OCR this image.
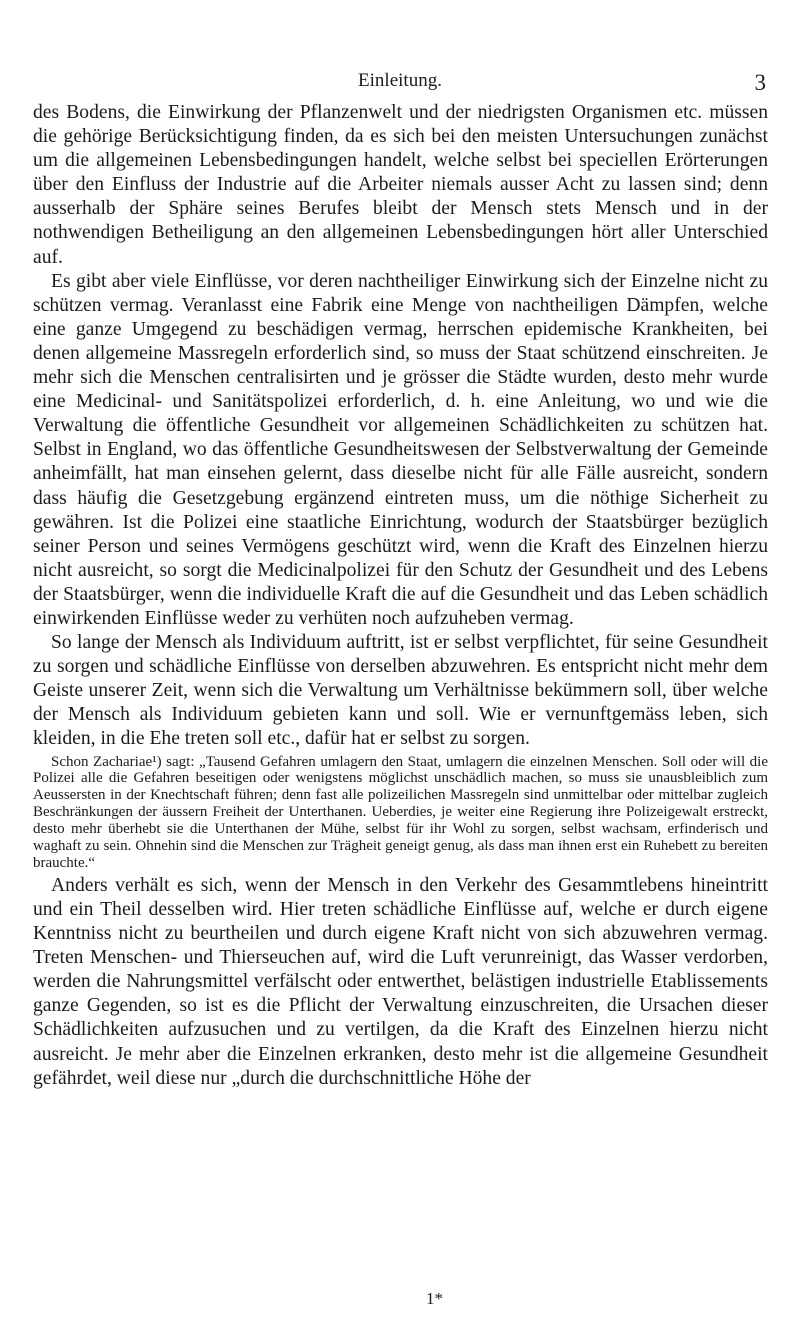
Einleitung.	3

des Bodens, die Einwirkung der Pflanzenwelt und der niedrigsten Organismen etc. müssen die gehörige Berücksichtigung finden, da es sich bei den meisten Untersuchungen zunächst um die allgemeinen Lebensbedingungen handelt, welche selbst bei speciellen Erörterungen über den Einfluss der Industrie auf die Arbeiter niemals ausser Acht zu lassen sind; denn ausserhalb der Sphäre seines Berufes bleibt der Mensch stets Mensch und in der nothwendigen Betheiligung an den allgemeinen Lebensbedingungen hört aller Unterschied auf.

Es gibt aber viele Einflüsse, vor deren nachtheiliger Einwirkung sich der Einzelne nicht zu schützen vermag. Veranlasst eine Fabrik eine Menge von nachtheiligen Dämpfen, welche eine ganze Umgegend zu beschädigen vermag, herrschen epidemische Krankheiten, bei denen allgemeine Massregeln erforderlich sind, so muss der Staat schützend einschreiten. Je mehr sich die Menschen centralisirten und je grösser die Städte wurden, desto mehr wurde eine Medicinal- und Sanitätspolizei erforderlich, d. h. eine Anleitung, wo und wie die Verwaltung die öffentliche Gesundheit vor allgemeinen Schädlichkeiten zu schützen hat. Selbst in England, wo das öffentliche Gesundheitswesen der Selbstverwaltung der Gemeinde anheimfällt, hat man einsehen gelernt, dass dieselbe nicht für alle Fälle ausreicht, sondern dass häufig die Gesetzgebung ergänzend eintreten muss, um die nöthige Sicherheit zu gewähren. Ist die Polizei eine staatliche Einrichtung, wodurch der Staatsbürger bezüglich seiner Person und seines Vermögens geschützt wird, wenn die Kraft des Einzelnen hierzu nicht ausreicht, so sorgt die Medicinalpolizei für den Schutz der Gesundheit und des Lebens der Staatsbürger, wenn die individuelle Kraft die auf die Gesundheit und das Leben schädlich einwirkenden Einflüsse weder zu verhüten noch aufzuheben vermag.

So lange der Mensch als Individuum auftritt, ist er selbst verpflichtet, für seine Gesundheit zu sorgen und schädliche Einflüsse von derselben abzuwehren. Es entspricht nicht mehr dem Geiste unserer Zeit, wenn sich die Verwaltung um Verhältnisse bekümmern soll, über welche der Mensch als Individuum gebieten kann und soll. Wie er vernunftgemäss leben, sich kleiden, in die Ehe treten soll etc., dafür hat er selbst zu sorgen.

Schon Zachariae¹) sagt: „Tausend Gefahren umlagern den Staat, umlagern die einzelnen Menschen. Soll oder will die Polizei alle die Gefahren beseitigen oder wenigstens möglichst unschädlich machen, so muss sie unausbleiblich zum Aeussersten in der Knechtschaft führen; denn fast alle polizeilichen Massregeln sind unmittelbar oder mittelbar zugleich Beschränkungen der äussern Freiheit der Unterthanen. Ueberdies, je weiter eine Regierung ihre Polizeigewalt erstreckt, desto mehr überhebt sie die Unterthanen der Mühe, selbst für ihr Wohl zu sorgen, selbst wachsam, erfinderisch und waghaft zu sein. Ohnehin sind die Menschen zur Trägheit geneigt genug, als dass man ihnen erst ein Ruhebett zu bereiten brauchte.“

Anders verhält es sich, wenn der Mensch in den Verkehr des Gesammtlebens hineintritt und ein Theil desselben wird. Hier treten schädliche Einflüsse auf, welche er durch eigene Kenntniss nicht zu beurtheilen und durch eigene Kraft nicht von sich abzuwehren vermag. Treten Menschen- und Thierseuchen auf, wird die Luft verunreinigt, das Wasser verdorben, werden die Nahrungsmittel verfälscht oder entwerthet, belästigen industrielle Etablissements ganze Gegenden, so ist es die Pflicht der Verwaltung einzuschreiten, die Ursachen dieser Schädlichkeiten aufzusuchen und zu vertilgen, da die Kraft des Einzelnen hierzu nicht ausreicht. Je mehr aber die Einzelnen erkranken, desto mehr ist die allgemeine Gesundheit gefährdet, weil diese nur „durch die durchschnittliche Höhe der

1*
